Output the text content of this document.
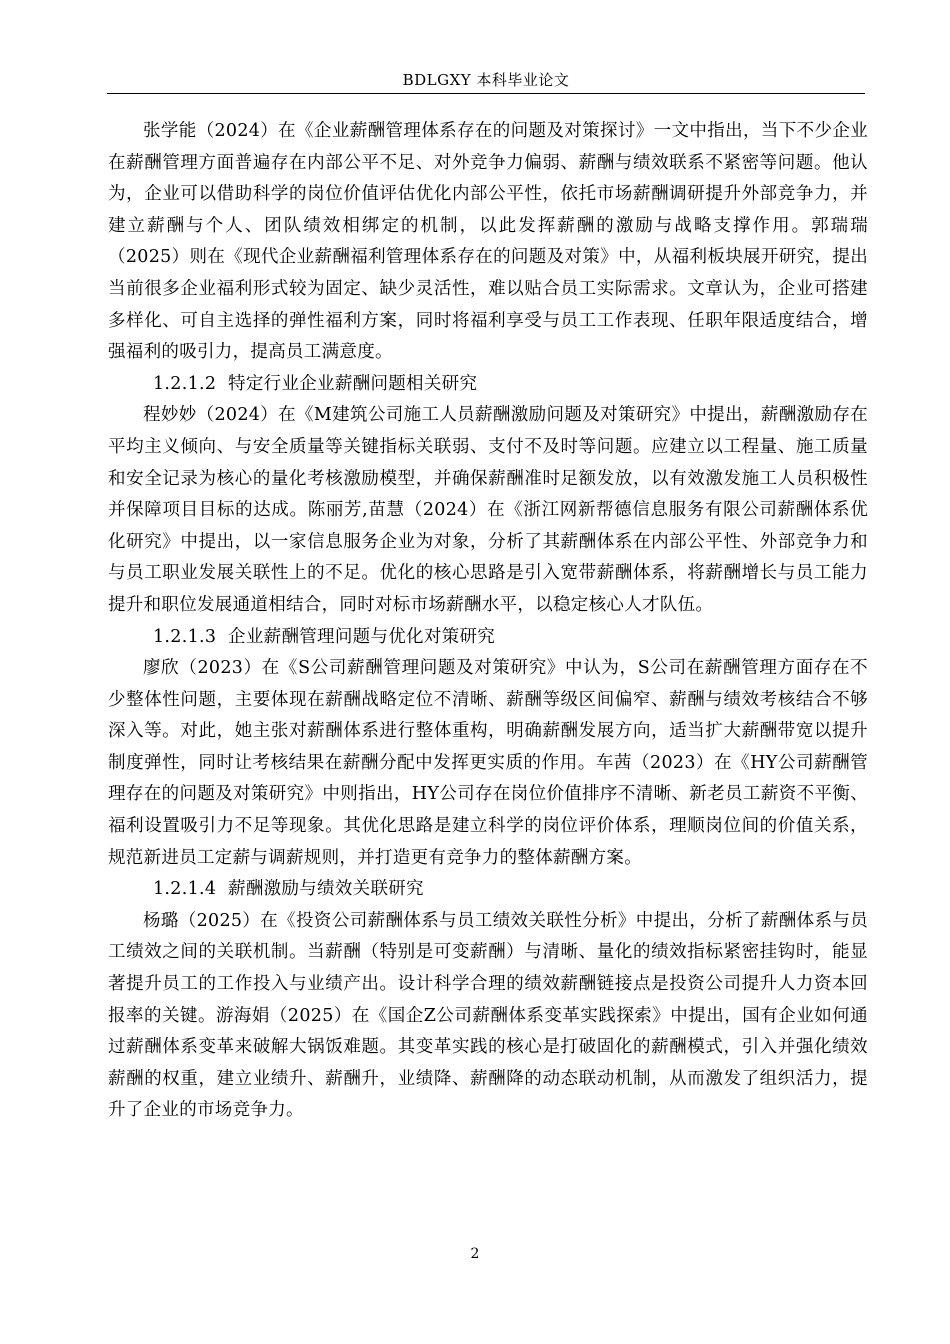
BDLGXY 本科毕业论文

张学能（2024）在《企业薪酬管理体系存在的问题及对策探讨》一文中指出，当下不少企业在薪酬管理方面普遍存在内部公平不足、对外竞争力偏弱、薪酬与绩效联系不紧密等问题。他认为，企业可以借助科学的岗位价值评估优化内部公平性，依托市场薪酬调研提升外部竞争力，并建立薪酬与个人、团队绩效相绑定的机制，以此发挥薪酬的激励与战略支撑作用。郭瑞瑞（2025）则在《现代企业薪酬福利管理体系存在的问题及对策》中，从福利板块展开研究，提出当前很多企业福利形式较为固定、缺少灵活性，难以贴合员工实际需求。文章认为，企业可搭建多样化、可自主选择的弹性福利方案，同时将福利享受与员工工作表现、任职年限适度结合，增强福利的吸引力，提高员工满意度。

1.2.1.2  特定行业企业薪酬问题相关研究

程妙妙（2024）在《M建筑公司施工人员薪酬激励问题及对策研究》中提出，薪酬激励存在平均主义倾向、与安全质量等关键指标关联弱、支付不及时等问题。应建立以工程量、施工质量和安全记录为核心的量化考核激励模型，并确保薪酬准时足额发放，以有效激发施工人员积极性并保障项目目标的达成。陈丽芳,苗慧（2024）在《浙江网新帮德信息服务有限公司薪酬体系优化研究》中提出，以一家信息服务企业为对象，分析了其薪酬体系在内部公平性、外部竞争力和与员工职业发展关联性上的不足。优化的核心思路是引入宽带薪酬体系，将薪酬增长与员工能力提升和职位发展通道相结合，同时对标市场薪酬水平，以稳定核心人才队伍。

1.2.1.3  企业薪酬管理问题与优化对策研究

廖欣（2023）在《S公司薪酬管理问题及对策研究》中认为，S公司在薪酬管理方面存在不少整体性问题，主要体现在薪酬战略定位不清晰、薪酬等级区间偏窄、薪酬与绩效考核结合不够深入等。对此，她主张对薪酬体系进行整体重构，明确薪酬发展方向，适当扩大薪酬带宽以提升制度弹性，同时让考核结果在薪酬分配中发挥更实质的作用。车茜（2023）在《HY公司薪酬管理存在的问题及对策研究》中则指出，HY公司存在岗位价值排序不清晰、新老员工薪资不平衡、福利设置吸引力不足等现象。其优化思路是建立科学的岗位评价体系，理顺岗位间的价值关系，规范新进员工定薪与调薪规则，并打造更有竞争力的整体薪酬方案。

1.2.1.4  薪酬激励与绩效关联研究

杨璐（2025）在《投资公司薪酬体系与员工绩效关联性分析》中提出，分析了薪酬体系与员工绩效之间的关联机制。当薪酬（特别是可变薪酬）与清晰、量化的绩效指标紧密挂钩时，能显著提升员工的工作投入与业绩产出。设计科学合理的绩效薪酬链接点是投资公司提升人力资本回报率的关键。游海娟（2025）在《国企Z公司薪酬体系变革实践探索》中提出，国有企业如何通过薪酬体系变革来破解大锅饭难题。其变革实践的核心是打破固化的薪酬模式，引入并强化绩效薪酬的权重，建立业绩升、薪酬升，业绩降、薪酬降的动态联动机制，从而激发了组织活力，提升了企业的市场竞争力。

2
